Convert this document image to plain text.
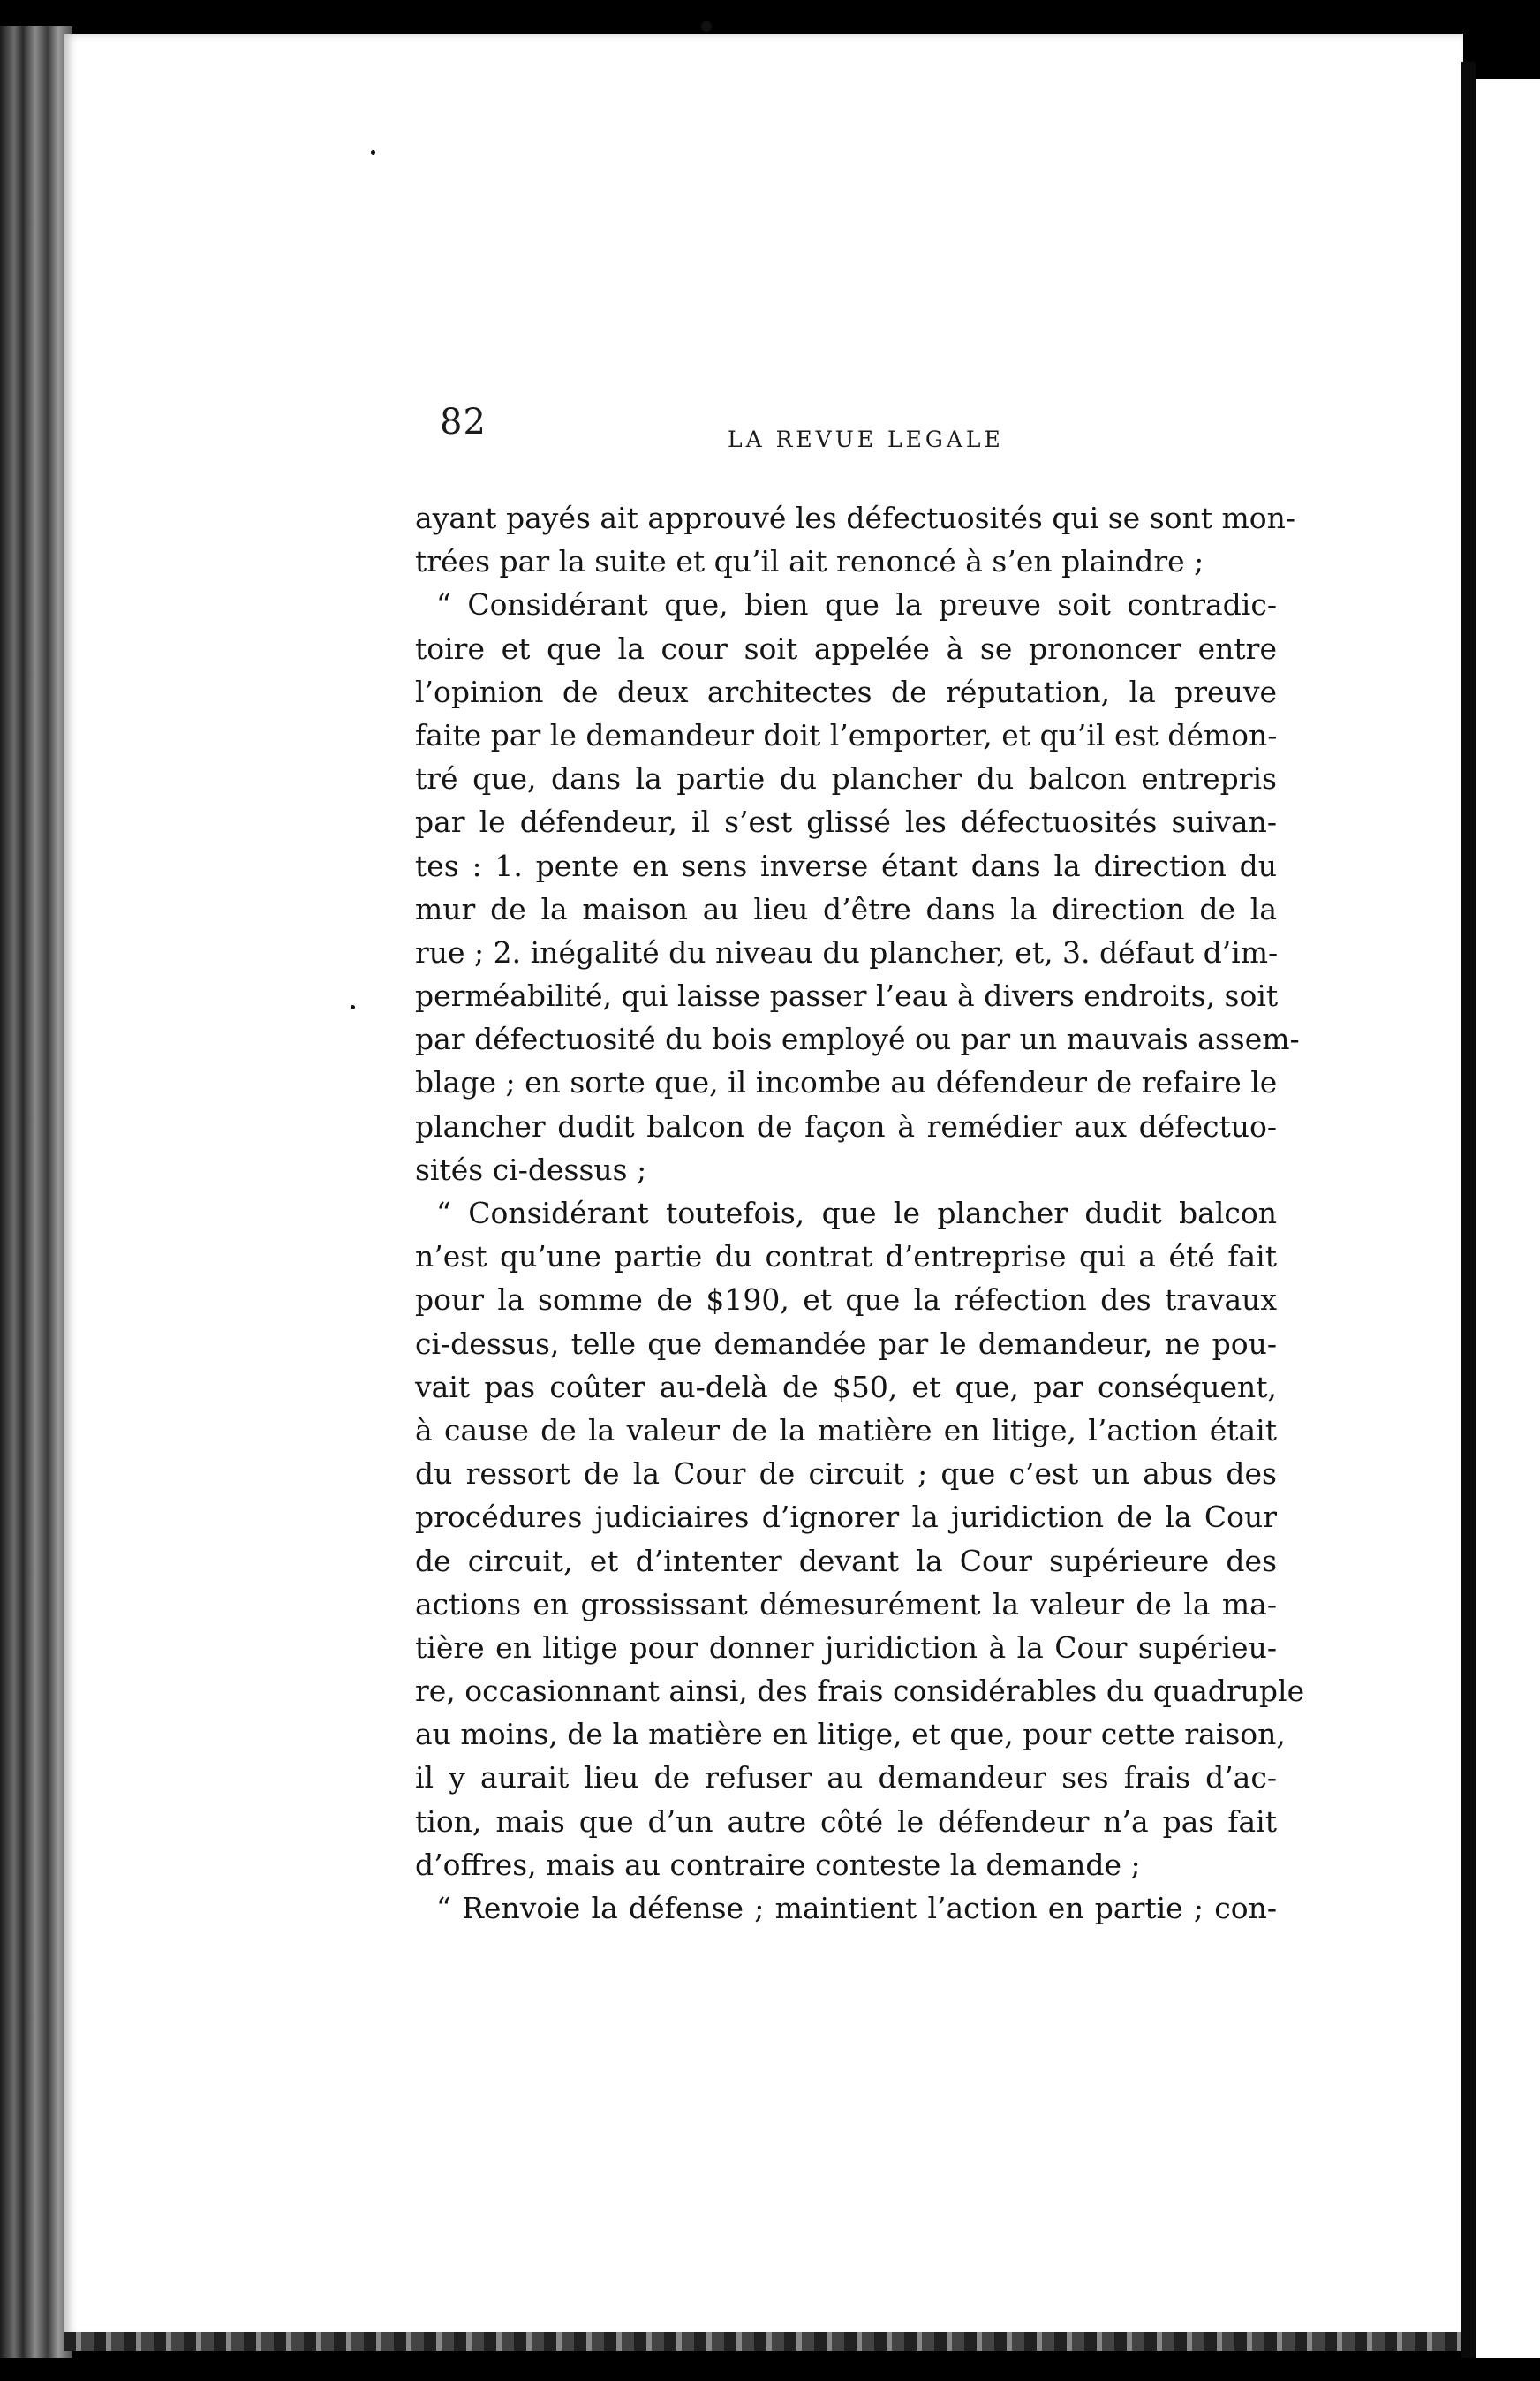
82	LA REVUE LEGALE
ayant payés ait approuvé les défectuosités qui se sont mon-
trées par la suite et qu’il ait renoncé à s’en plaindre ;
“ Considérant que, bien que la preuve soit contradic-
toire et que la cour soit appelée à se prononcer entre
l’opinion de deux architectes de réputation, la preuve
faite par le demandeur doit l’emporter, et qu’il est démon-
tré que, dans la partie du plancher du balcon entrepris
par le défendeur, il s’est glissé les défectuosités suivan-
tes : 1. pente en sens inverse étant dans la direction du
mur de la maison au lieu d’être dans la direction de la
rue ; 2. inégalité du niveau du plancher, et, 3. défaut d’im-
perméabilité, qui laisse passer l’eau à divers endroits, soit
par défectuosité du bois employé ou par un mauvais assem-
blage ; en sorte que, il incombe au défendeur de refaire le
plancher dudit balcon de façon à remédier aux défectuo-
sités ci-dessus ;
“ Considérant toutefois, que le plancher dudit balcon
n’est qu’une partie du contrat d’entreprise qui a été fait
pour la somme de $190, et que la réfection des travaux
ci-dessus, telle que demandée par le demandeur, ne pou-
vait pas coûter au-delà de $50, et que, par conséquent,
à cause de la valeur de la matière en litige, l’action était
du ressort de la Cour de circuit ; que c’est un abus des
procédures judiciaires d’ignorer la juridiction de la Cour
de circuit, et d’intenter devant la Cour supérieure des
actions en grossissant démesurément la valeur de la ma-
tière en litige pour donner juridiction à la Cour supérieu-
re, occasionnant ainsi, des frais considérables du quadruple
au moins, de la matière en litige, et que, pour cette raison,
il y aurait lieu de refuser au demandeur ses frais d’ac-
tion, mais que d’un autre côté le défendeur n’a pas fait
d’offres, mais au contraire conteste la demande ;
“ Renvoie la défense ; maintient l’action en partie ; con-
